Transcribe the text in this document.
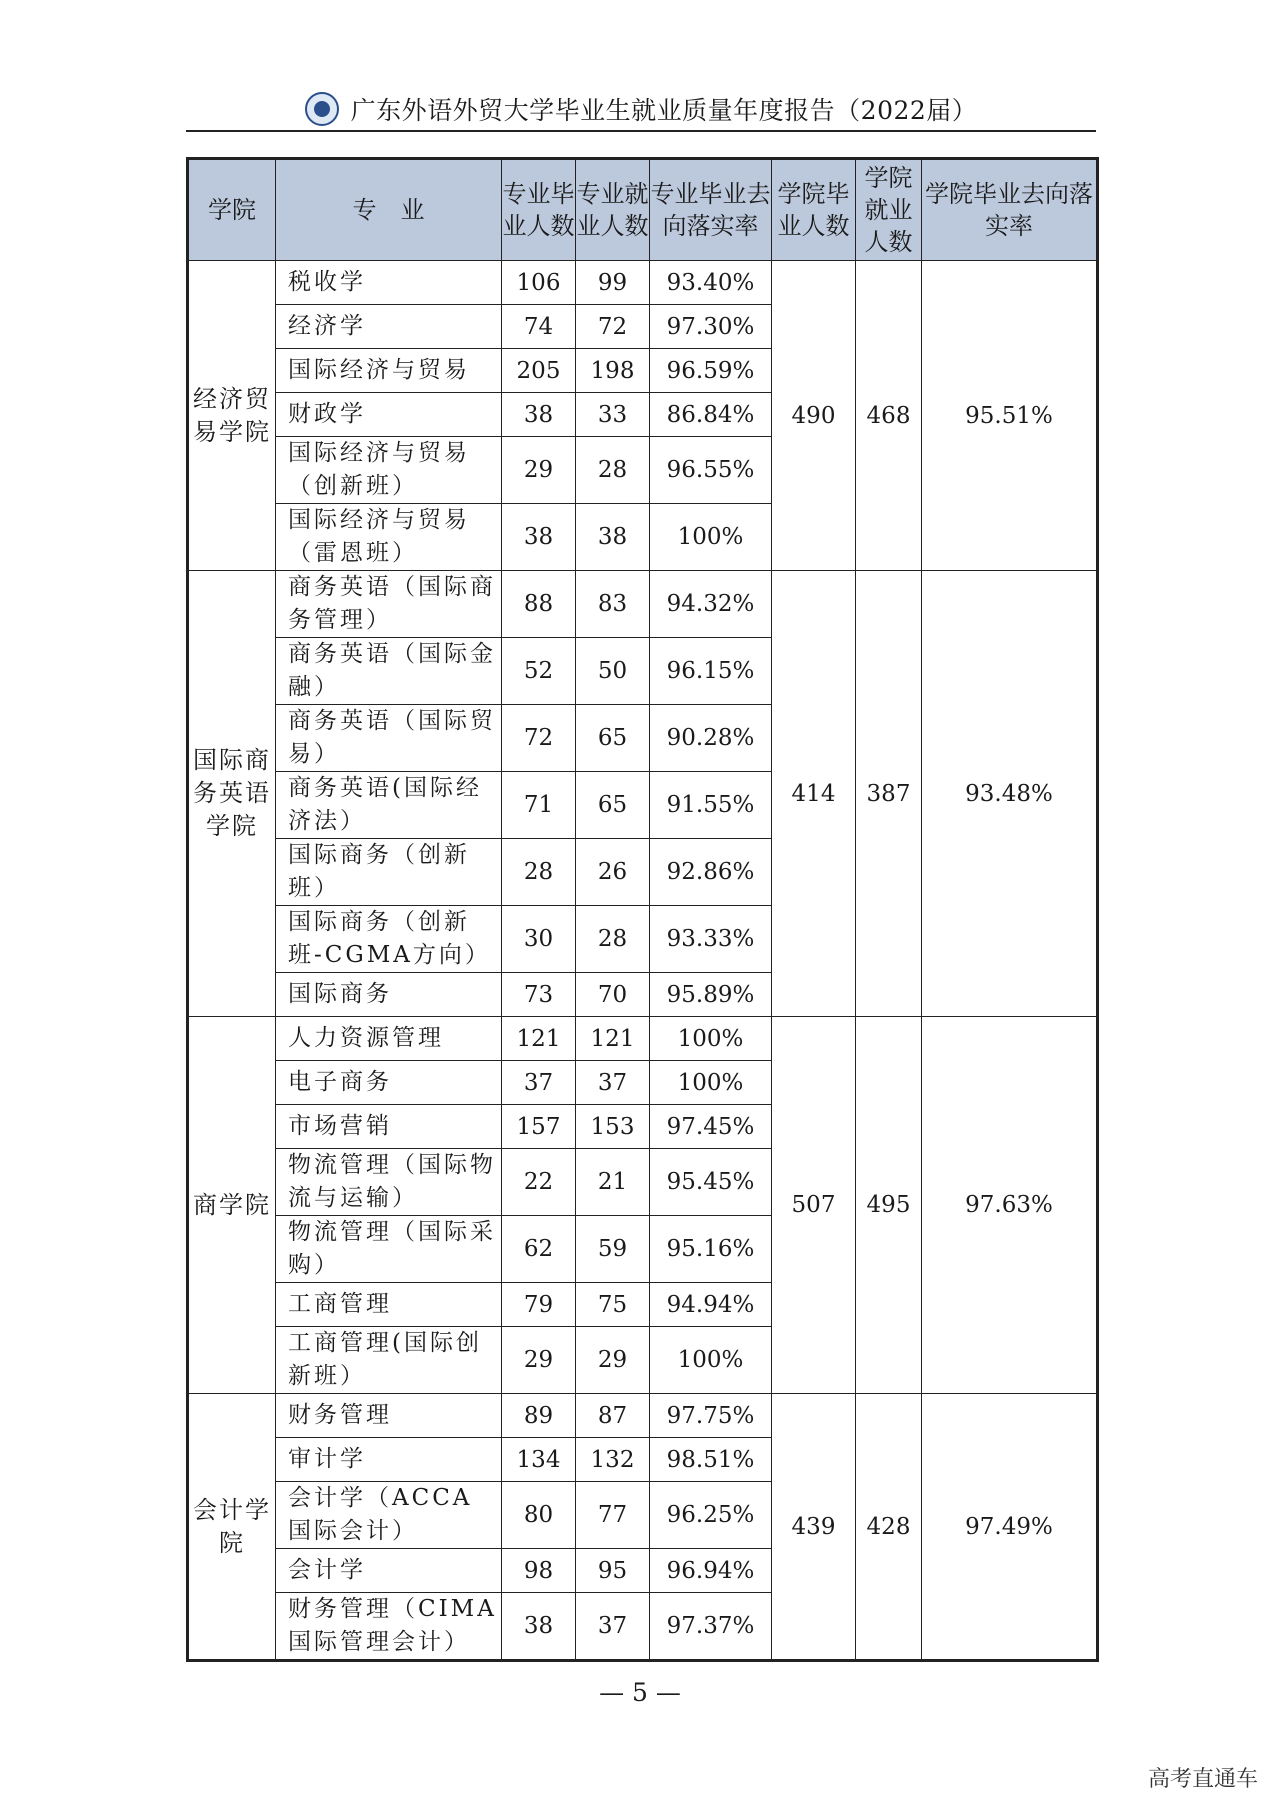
广东外语外贸大学毕业生就业质量年度报告（2022届）
学院	专　业	专业毕业人数	专业就业人数	专业毕业去向落实率	学院毕业人数	学院就业人数	学院毕业去向落实率
经济贸易学院	税收学	106	99	93.40%	490	468	95.51%
	经济学	74	72	97.30%			
	国际经济与贸易	205	198	96.59%			
	财政学	38	33	86.84%			
	国际经济与贸易（创新班）	29	28	96.55%			
	国际经济与贸易（雷恩班）	38	38	100%			
国际商务英语学院	商务英语（国际商务管理）	88	83	94.32%	414	387	93.48%
	商务英语（国际金融）	52	50	96.15%			
	商务英语（国际贸易）	72	65	90.28%			
	商务英语(国际经济法）	71	65	91.55%			
	国际商务（创新班）	28	26	92.86%			
	国际商务（创新班-CGMA方向）	30	28	93.33%			
	国际商务	73	70	95.89%			
商学院	人力资源管理	121	121	100%	507	495	97.63%
	电子商务	37	37	100%			
	市场营销	157	153	97.45%			
	物流管理（国际物流与运输）	22	21	95.45%			
	物流管理（国际采购）	62	59	95.16%			
	工商管理	79	75	94.94%			
	工商管理(国际创新班）	29	29	100%			
会计学院	财务管理	89	87	97.75%	439	428	97.49%
	审计学	134	132	98.51%			
	会计学（ACCA 国际会计）	80	77	96.25%			
	会计学	98	95	96.94%			
	财务管理（CIMA 国际管理会计）	38	37	97.37%			
— 5 —
高考直通车
